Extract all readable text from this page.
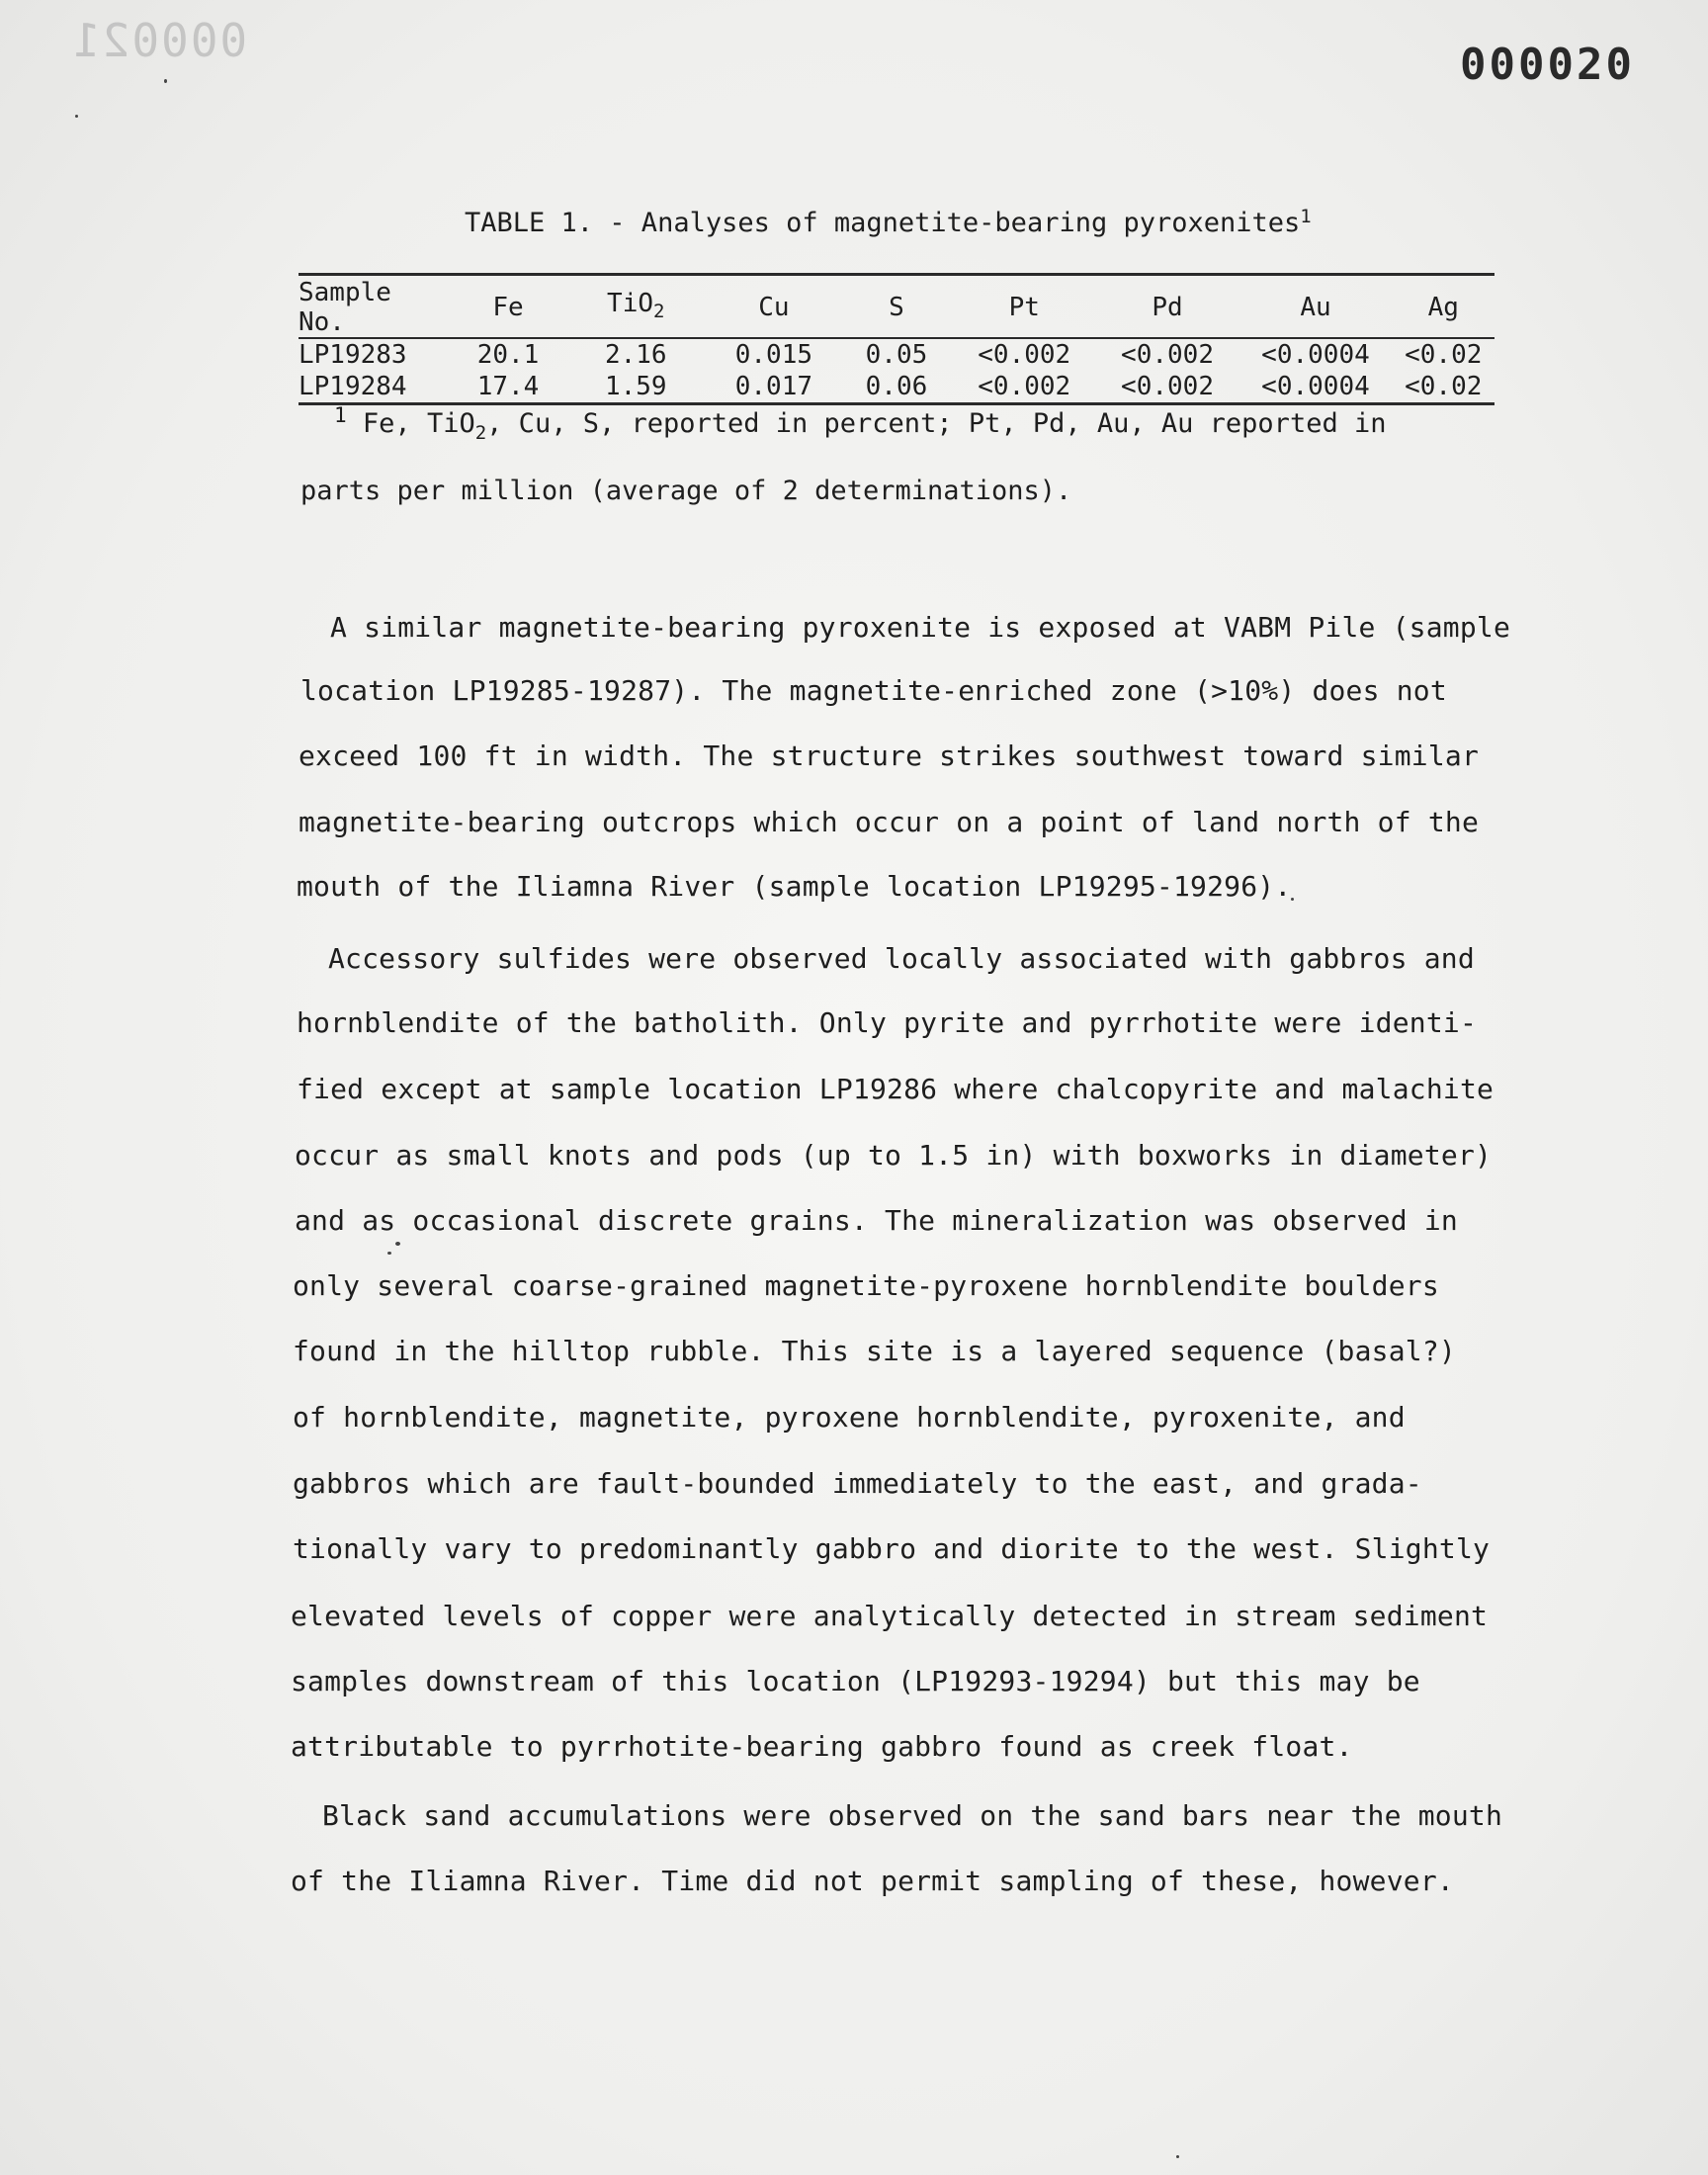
000021	000020
TABLE 1. - Analyses of magnetite-bearing pyroxenites$^1$
Sample No.	Fe	TiO$_2$	Cu	S	Pt	Pd	Au	Ag
LP19283	20.1	2.16	0.015	0.05	<0.002	<0.002	<0.0004	<0.02
LP19284	17.4	1.59	0.017	0.06	<0.002	<0.002	<0.0004	<0.02
$^1$ Fe, TiO$_2$, Cu, S, reported in percent; Pt, Pd, Au, Au reported in
parts per million (average of 2 determinations).
A similar magnetite-bearing pyroxenite is exposed at VABM Pile (sample
location LP19285-19287). The magnetite-enriched zone (>10%) does not
exceed 100 ft in width. The structure strikes southwest toward similar
magnetite-bearing outcrops which occur on a point of land north of the
mouth of the Iliamna River (sample location LP19295-19296).
Accessory sulfides were observed locally associated with gabbros and
hornblendite of the batholith. Only pyrite and pyrrhotite were identi-
fied except at sample location LP19286 where chalcopyrite and malachite
occur as small knots and pods (up to 1.5 in) with boxworks in diameter)
and as occasional discrete grains. The mineralization was observed in
only several coarse-grained magnetite-pyroxene hornblendite boulders
found in the hilltop rubble. This site is a layered sequence (basal?)
of hornblendite, magnetite, pyroxene hornblendite, pyroxenite, and
gabbros which are fault-bounded immediately to the east, and grada-
tionally vary to predominantly gabbro and diorite to the west. Slightly
elevated levels of copper were analytically detected in stream sediment
samples downstream of this location (LP19293-19294) but this may be
attributable to pyrrhotite-bearing gabbro found as creek float.
Black sand accumulations were observed on the sand bars near the mouth
of the Iliamna River. Time did not permit sampling of these, however.
